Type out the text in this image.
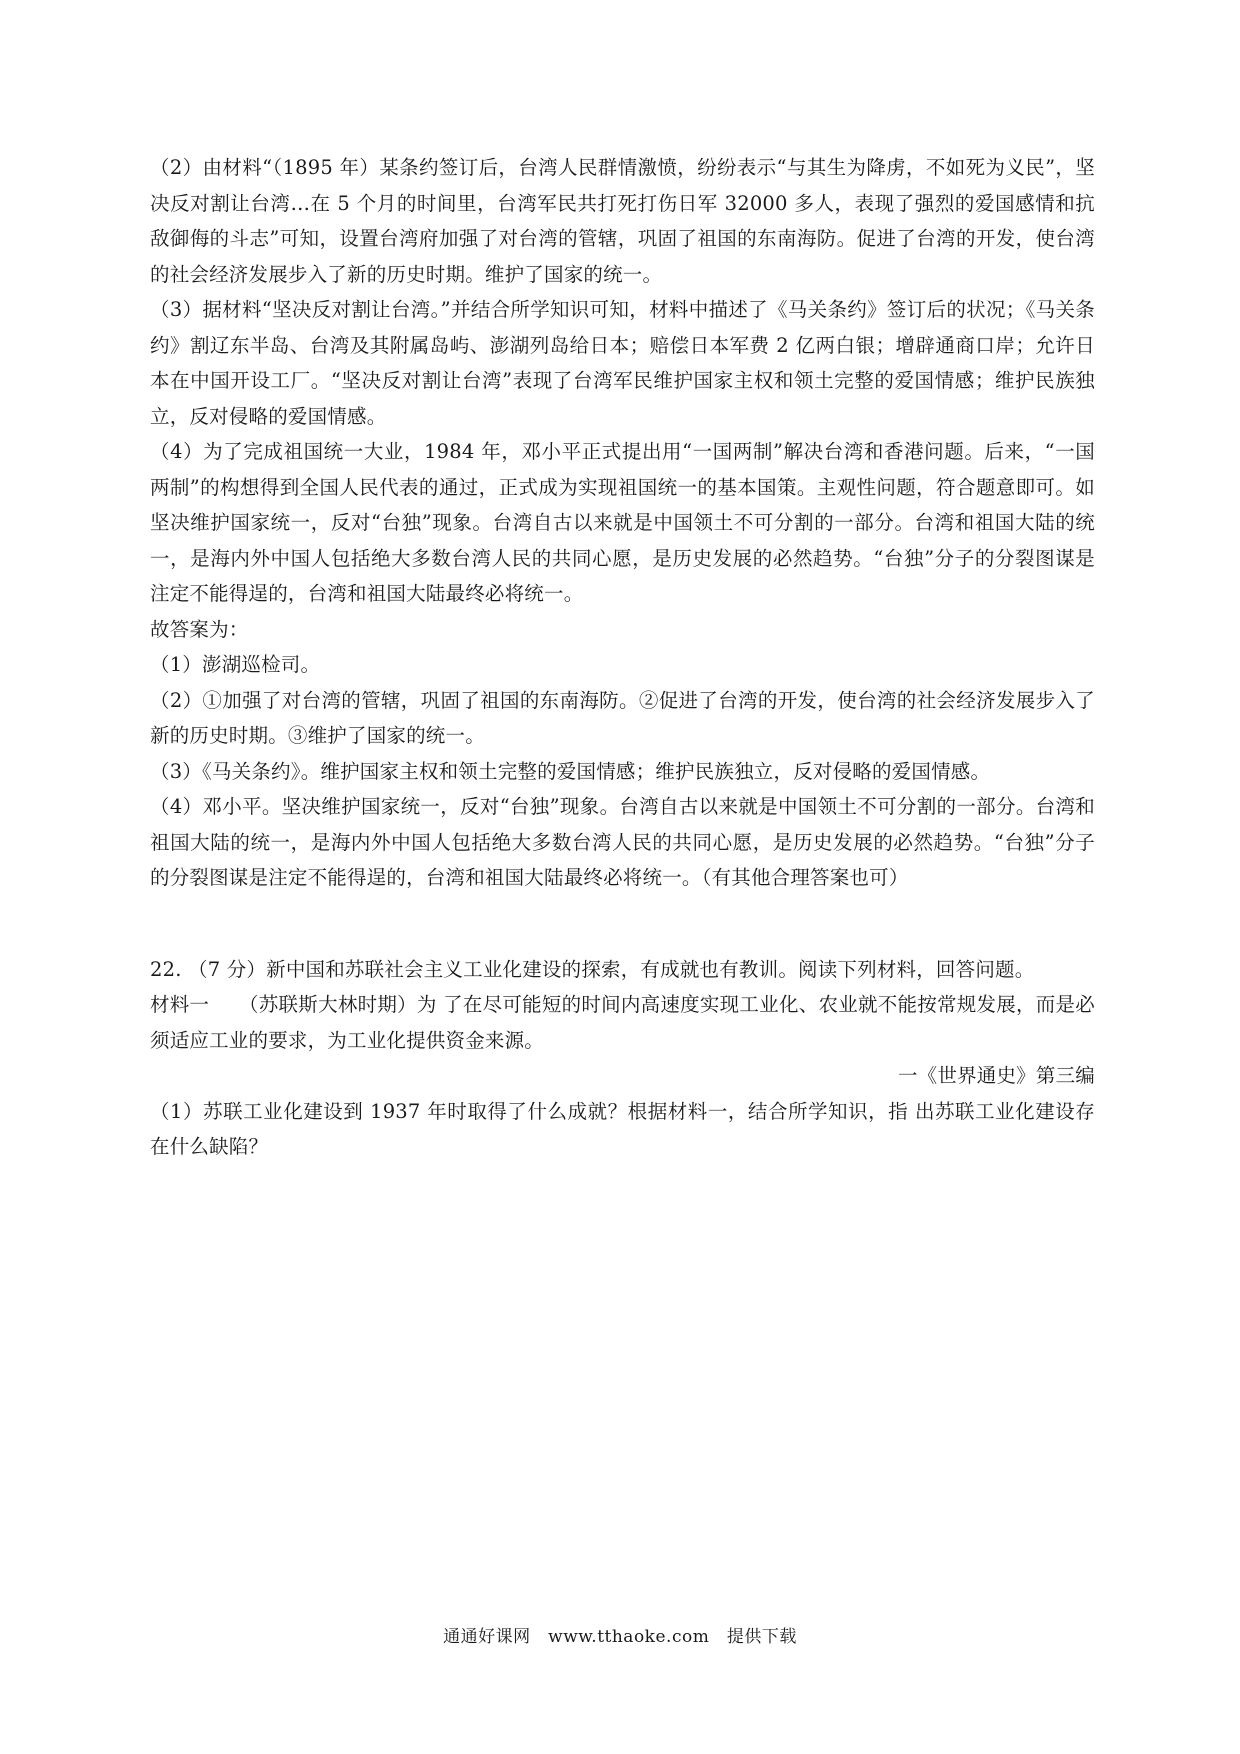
（2）由材料“（1895 年）某条约签订后，台湾人民群情激愤，纷纷表示“与其生为降虏，不如死为义民”，坚决反对割让台湾…在 5 个月的时间里，台湾军民共打死打伤日军 32000 多人，表现了强烈的爱国感情和抗敌御侮的斗志”可知，设置台湾府加强了对台湾的管辖，巩固了祖国的东南海防。促进了台湾的开发，使台湾的社会经济发展步入了新的历史时期。维护了国家的统一。

（3）据材料“坚决反对割让台湾。”并结合所学知识可知，材料中描述了《马关条约》签订后的状况；《马关条约》割辽东半岛、台湾及其附属岛屿、澎湖列岛给日本；赔偿日本军费 2 亿两白银；增辟通商口岸；允许日本在中国开设工厂。“坚决反对割让台湾”表现了台湾军民维护国家主权和领土完整的爱国情感；维护民族独立，反对侵略的爱国情感。

（4）为了完成祖国统一大业，1984 年，邓小平正式提出用“一国两制”解决台湾和香港问题。后来，“一国两制”的构想得到全国人民代表的通过，正式成为实现祖国统一的基本国策。主观性问题，符合题意即可。如坚决维护国家统一，反对“台独”现象。台湾自古以来就是中国领土不可分割的一部分。台湾和祖国大陆的统一，是海内外中国人包括绝大多数台湾人民的共同心愿，是历史发展的必然趋势。“台独”分子的分裂图谋是注定不能得逞的，台湾和祖国大陆最终必将统一。

故答案为：

（1）澎湖巡检司。

（2）①加强了对台湾的管辖，巩固了祖国的东南海防。②促进了台湾的开发，使台湾的社会经济发展步入了新的历史时期。③维护了国家的统一。

（3）《马关条约》。维护国家主权和领土完整的爱国情感；维护民族独立，反对侵略的爱国情感。

（4）邓小平。坚决维护国家统一，反对“台独”现象。台湾自古以来就是中国领土不可分割的一部分。台湾和祖国大陆的统一，是海内外中国人包括绝大多数台湾人民的共同心愿，是历史发展的必然趋势。“台独”分子的分裂图谋是注定不能得逞的，台湾和祖国大陆最终必将统一。（有其他合理答案也可）

22. （7 分）新中国和苏联社会主义工业化建设的探索，有成就也有教训。阅读下列材料，回答问题。

材料一　　（苏联斯大林时期）为 了在尽可能短的时间内高速度实现工业化、农业就不能按常规发展，而是必须适应工业的要求，为工业化提供资金来源。

一《世界通史》第三编

（1）苏联工业化建设到 1937 年时取得了什么成就？根据材料一，结合所学知识，指 出苏联工业化建设存在什么缺陷？

通通好课网　www.tthaoke.com　提供下载
